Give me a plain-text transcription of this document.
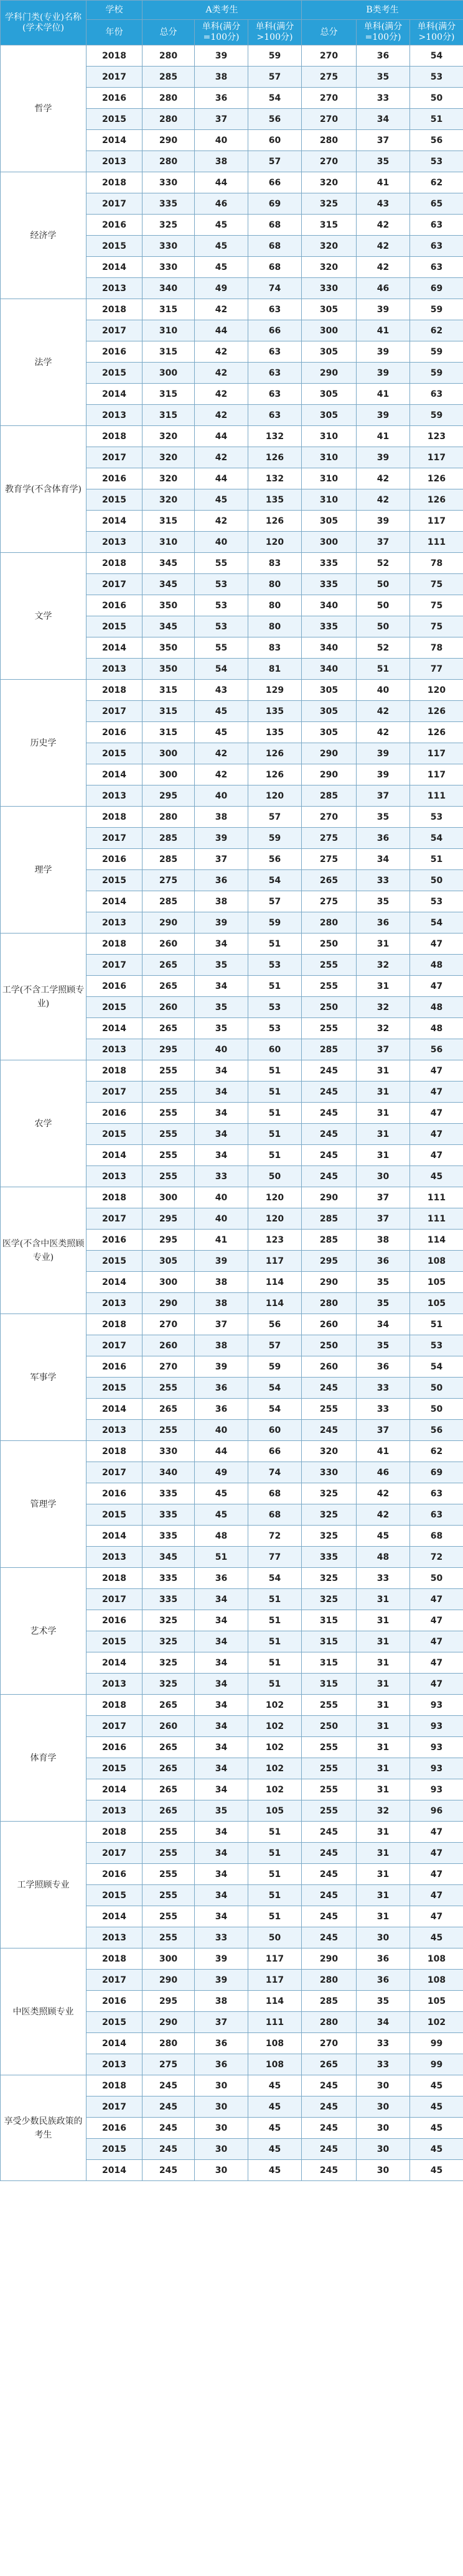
学科门类(专业)名称(学术学位)	学校	A类考生			B类考生		
	年份	总分	单科(满分=100分)	单科(满分>100分)	总分	单科(满分=100分)	单科(满分>100分)
哲学	2018	280	39	59	270	36	54
	2017	285	38	57	275	35	53
	2016	280	36	54	270	33	50
	2015	280	37	56	270	34	51
	2014	290	40	60	280	37	56
	2013	280	38	57	270	35	53
经济学	2018	330	44	66	320	41	62
	2017	335	46	69	325	43	65
	2016	325	45	68	315	42	63
	2015	330	45	68	320	42	63
	2014	330	45	68	320	42	63
	2013	340	49	74	330	46	69
法学	2018	315	42	63	305	39	59
	2017	310	44	66	300	41	62
	2016	315	42	63	305	39	59
	2015	300	42	63	290	39	59
	2014	315	42	63	305	41	63
	2013	315	42	63	305	39	59
教育学(不含体育学)	2018	320	44	132	310	41	123
	2017	320	42	126	310	39	117
	2016	320	44	132	310	42	126
	2015	320	45	135	310	42	126
	2014	315	42	126	305	39	117
	2013	310	40	120	300	37	111
文学	2018	345	55	83	335	52	78
	2017	345	53	80	335	50	75
	2016	350	53	80	340	50	75
	2015	345	53	80	335	50	75
	2014	350	55	83	340	52	78
	2013	350	54	81	340	51	77
历史学	2018	315	43	129	305	40	120
	2017	315	45	135	305	42	126
	2016	315	45	135	305	42	126
	2015	300	42	126	290	39	117
	2014	300	42	126	290	39	117
	2013	295	40	120	285	37	111
理学	2018	280	38	57	270	35	53
	2017	285	39	59	275	36	54
	2016	285	37	56	275	34	51
	2015	275	36	54	265	33	50
	2014	285	38	57	275	35	53
	2013	290	39	59	280	36	54
工学(不含工学照顾专业)	2018	260	34	51	250	31	47
	2017	265	35	53	255	32	48
	2016	265	34	51	255	31	47
	2015	260	35	53	250	32	48
	2014	265	35	53	255	32	48
	2013	295	40	60	285	37	56
农学	2018	255	34	51	245	31	47
	2017	255	34	51	245	31	47
	2016	255	34	51	245	31	47
	2015	255	34	51	245	31	47
	2014	255	34	51	245	31	47
	2013	255	33	50	245	30	45
医学(不含中医类照顾专业)	2018	300	40	120	290	37	111
	2017	295	40	120	285	37	111
	2016	295	41	123	285	38	114
	2015	305	39	117	295	36	108
	2014	300	38	114	290	35	105
	2013	290	38	114	280	35	105
军事学	2018	270	37	56	260	34	51
	2017	260	38	57	250	35	53
	2016	270	39	59	260	36	54
	2015	255	36	54	245	33	50
	2014	265	36	54	255	33	50
	2013	255	40	60	245	37	56
管理学	2018	330	44	66	320	41	62
	2017	340	49	74	330	46	69
	2016	335	45	68	325	42	63
	2015	335	45	68	325	42	63
	2014	335	48	72	325	45	68
	2013	345	51	77	335	48	72
艺术学	2018	335	36	54	325	33	50
	2017	335	34	51	325	31	47
	2016	325	34	51	315	31	47
	2015	325	34	51	315	31	47
	2014	325	34	51	315	31	47
	2013	325	34	51	315	31	47
体育学	2018	265	34	102	255	31	93
	2017	260	34	102	250	31	93
	2016	265	34	102	255	31	93
	2015	265	34	102	255	31	93
	2014	265	34	102	255	31	93
	2013	265	35	105	255	32	96
工学照顾专业	2018	255	34	51	245	31	47
	2017	255	34	51	245	31	47
	2016	255	34	51	245	31	47
	2015	255	34	51	245	31	47
	2014	255	34	51	245	31	47
	2013	255	33	50	245	30	45
中医类照顾专业	2018	300	39	117	290	36	108
	2017	290	39	117	280	36	108
	2016	295	38	114	285	35	105
	2015	290	37	111	280	34	102
	2014	280	36	108	270	33	99
	2013	275	36	108	265	33	99
享受少数民族政策的考生	2018	245	30	45	245	30	45
	2017	245	30	45	245	30	45
	2016	245	30	45	245	30	45
	2015	245	30	45	245	30	45
	2014	245	30	45	245	30	45
